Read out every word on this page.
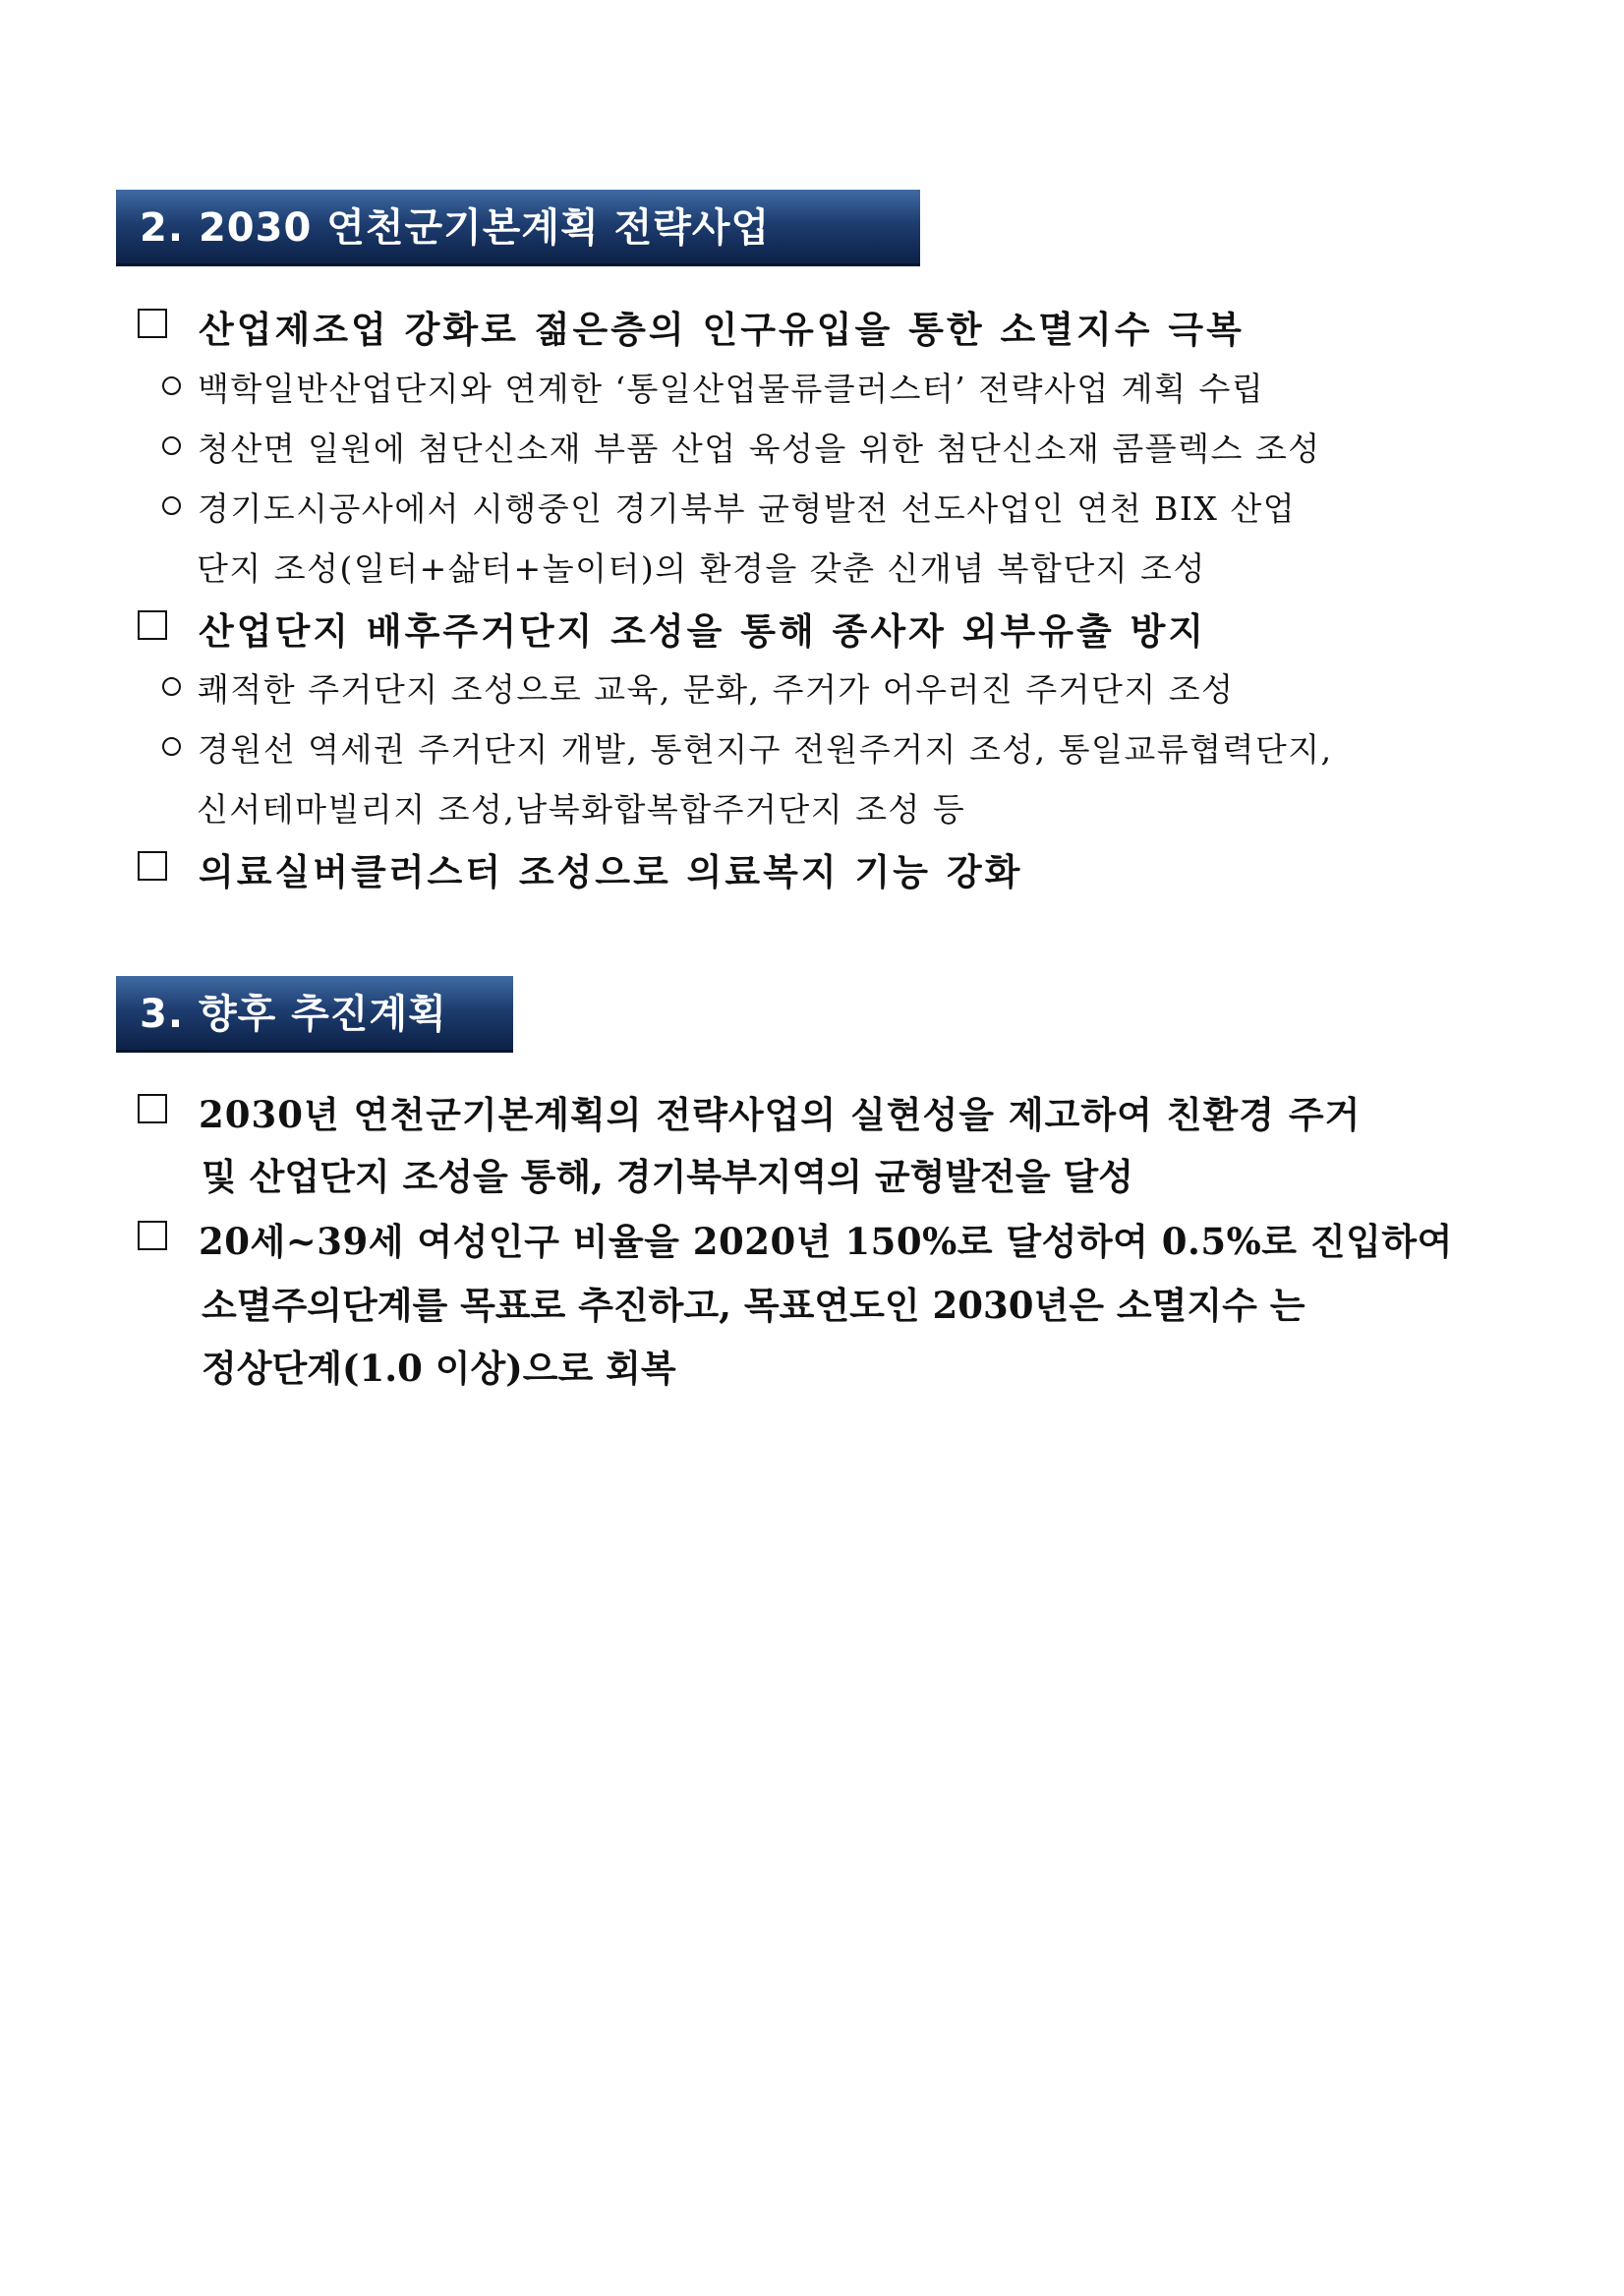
2. 2030 연천군기본계획 전략사업
산업제조업 강화로 젊은층의 인구유입을 통한 소멸지수 극복
백학일반산업단지와 연계한 ‘통일산업물류클러스터’ 전략사업 계획 수립
청산면 일원에 첨단신소재 부품 산업 육성을 위한 첨단신소재 콤플렉스 조성
경기도시공사에서 시행중인 경기북부 균형발전 선도사업인 연천 BIX 산업
단지 조성(일터+삶터+놀이터)의 환경을 갖춘 신개념 복합단지 조성
산업단지 배후주거단지 조성을 통해 종사자 외부유출 방지
쾌적한 주거단지 조성으로 교육, 문화, 주거가 어우러진 주거단지 조성
경원선 역세권 주거단지 개발, 통현지구 전원주거지 조성, 통일교류협력단지,
신서테마빌리지 조성,남북화합복합주거단지 조성 등
의료실버클러스터 조성으로 의료복지 기능 강화
3. 향후 추진계획
2030년 연천군기본계획의 전략사업의 실현성을 제고하여 친환경 주거
및 산업단지 조성을 통해, 경기북부지역의 균형발전을 달성
20세~39세 여성인구 비율을 2020년 150%로 달성하여 0.5%로 진입하여
소멸주의단계를 목표로 추진하고, 목표연도인 2030년은 소멸지수 는
정상단계(1.0 이상)으로 회복
